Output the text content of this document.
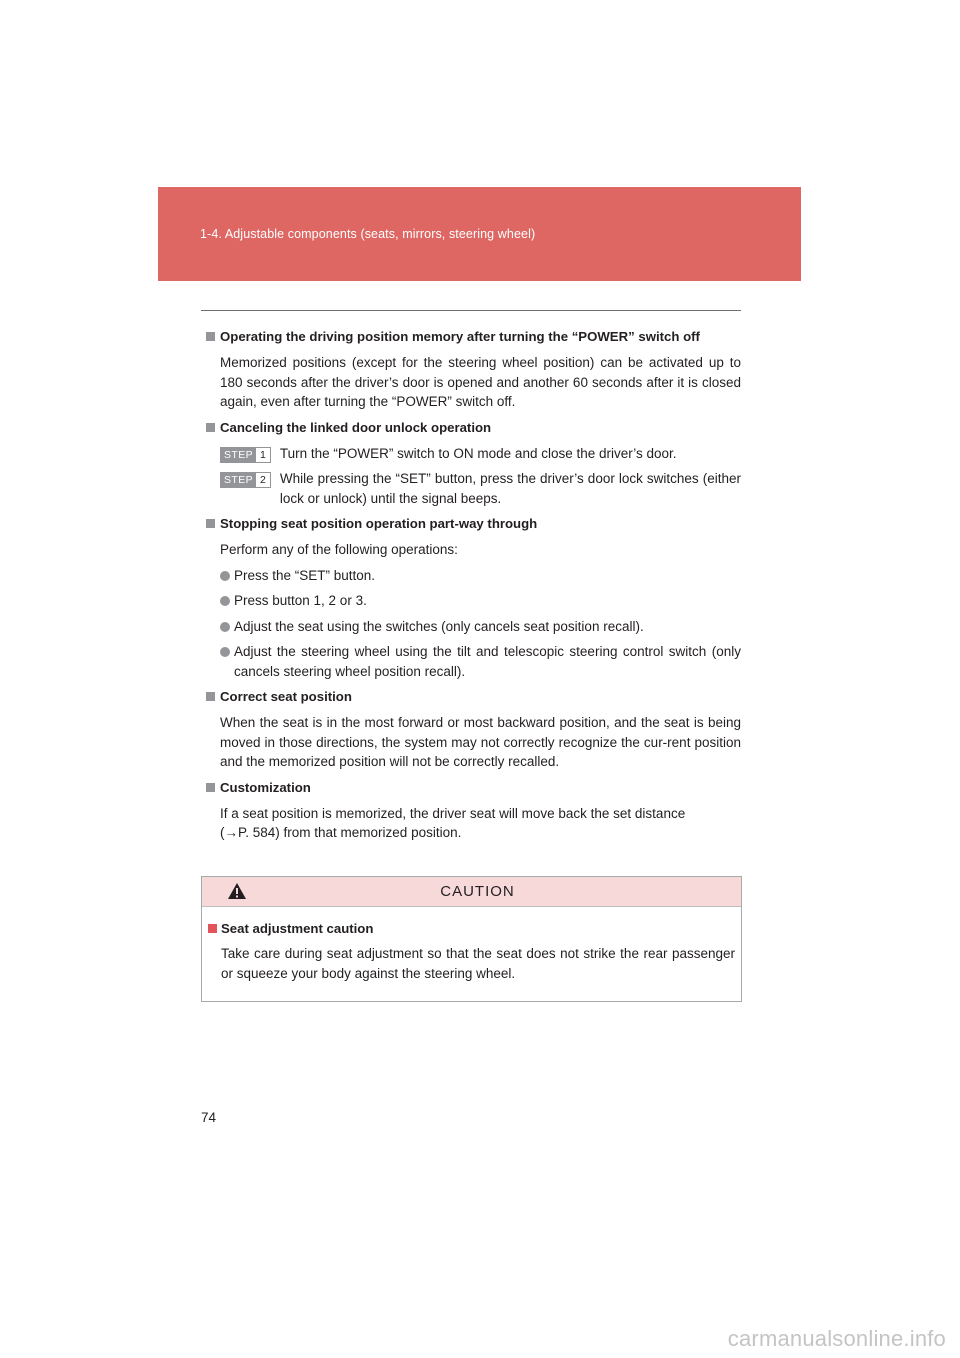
1-4. Adjustable components (seats, mirrors, steering wheel)
Operating the driving position memory after turning the “POWER” switch off
Memorized positions (except for the steering wheel position) can be activated up to 180 seconds after the driver’s door is opened and another 60 seconds after it is closed again, even after turning the “POWER” switch off.
Canceling the linked door unlock operation
STEP 1 Turn the “POWER” switch to ON mode and close the driver’s door.
STEP 2 While pressing the “SET” button, press the driver’s door lock switches (either lock or unlock) until the signal beeps.
Stopping seat position operation part-way through
Perform any of the following operations:
Press the “SET” button.
Press button 1, 2 or 3.
Adjust the seat using the switches (only cancels seat position recall).
Adjust the steering wheel using the tilt and telescopic steering control switch (only cancels steering wheel position recall).
Correct seat position
When the seat is in the most forward or most backward position, and the seat is being moved in those directions, the system may not correctly recognize the cur-rent position and the memorized position will not be correctly recalled.
Customization
If a seat position is memorized, the driver seat will move back the set distance
(→P. 584) from that memorized position.
CAUTION
Seat adjustment caution
Take care during seat adjustment so that the seat does not strike the rear passenger or squeeze your body against the steering wheel.
74
carmanualsonline.info
